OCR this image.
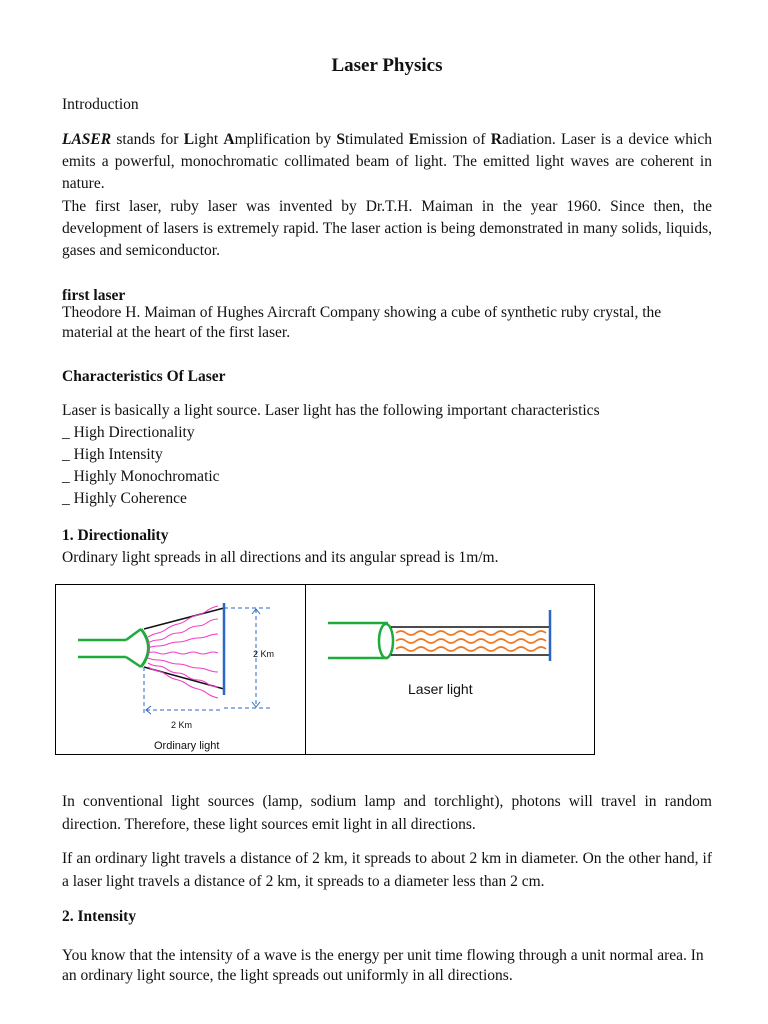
Laser Physics
Introduction
LASER stands for Light Amplification by Stimulated Emission of Radiation. Laser is a device which emits a powerful, monochromatic collimated beam of light. The emitted light waves are coherent in nature.
The first laser, ruby laser was invented by Dr.T.H. Maiman in the year 1960. Since then, the development of lasers is extremely rapid. The laser action is being demonstrated in many solids, liquids, gases and semiconductor.
first laser
Theodore H. Maiman of Hughes Aircraft Company showing a cube of synthetic ruby crystal, the material at the heart of the first laser.
Characteristics Of Laser
Laser is basically a light source. Laser light has the following important characteristics
_ High Directionality
_ High Intensity
_ Highly Monochromatic
_ Highly Coherence
1. Directionality
Ordinary light spreads in all directions and its angular spread is 1m/m.
In conventional light sources (lamp, sodium lamp and torchlight), photons will travel in random direction. Therefore, these light sources emit light in all directions.
If an ordinary light travels a distance of 2 km, it spreads to about 2 km in diameter. On the other hand, if a laser light travels a distance of 2 km, it spreads to a diameter less than 2 cm.
2. Intensity
You know that the intensity of a wave is the energy per unit time flowing through a unit normal area. In an ordinary light source, the light spreads out uniformly in all directions.
2 Km
2 Km
Ordinary light
Laser light
